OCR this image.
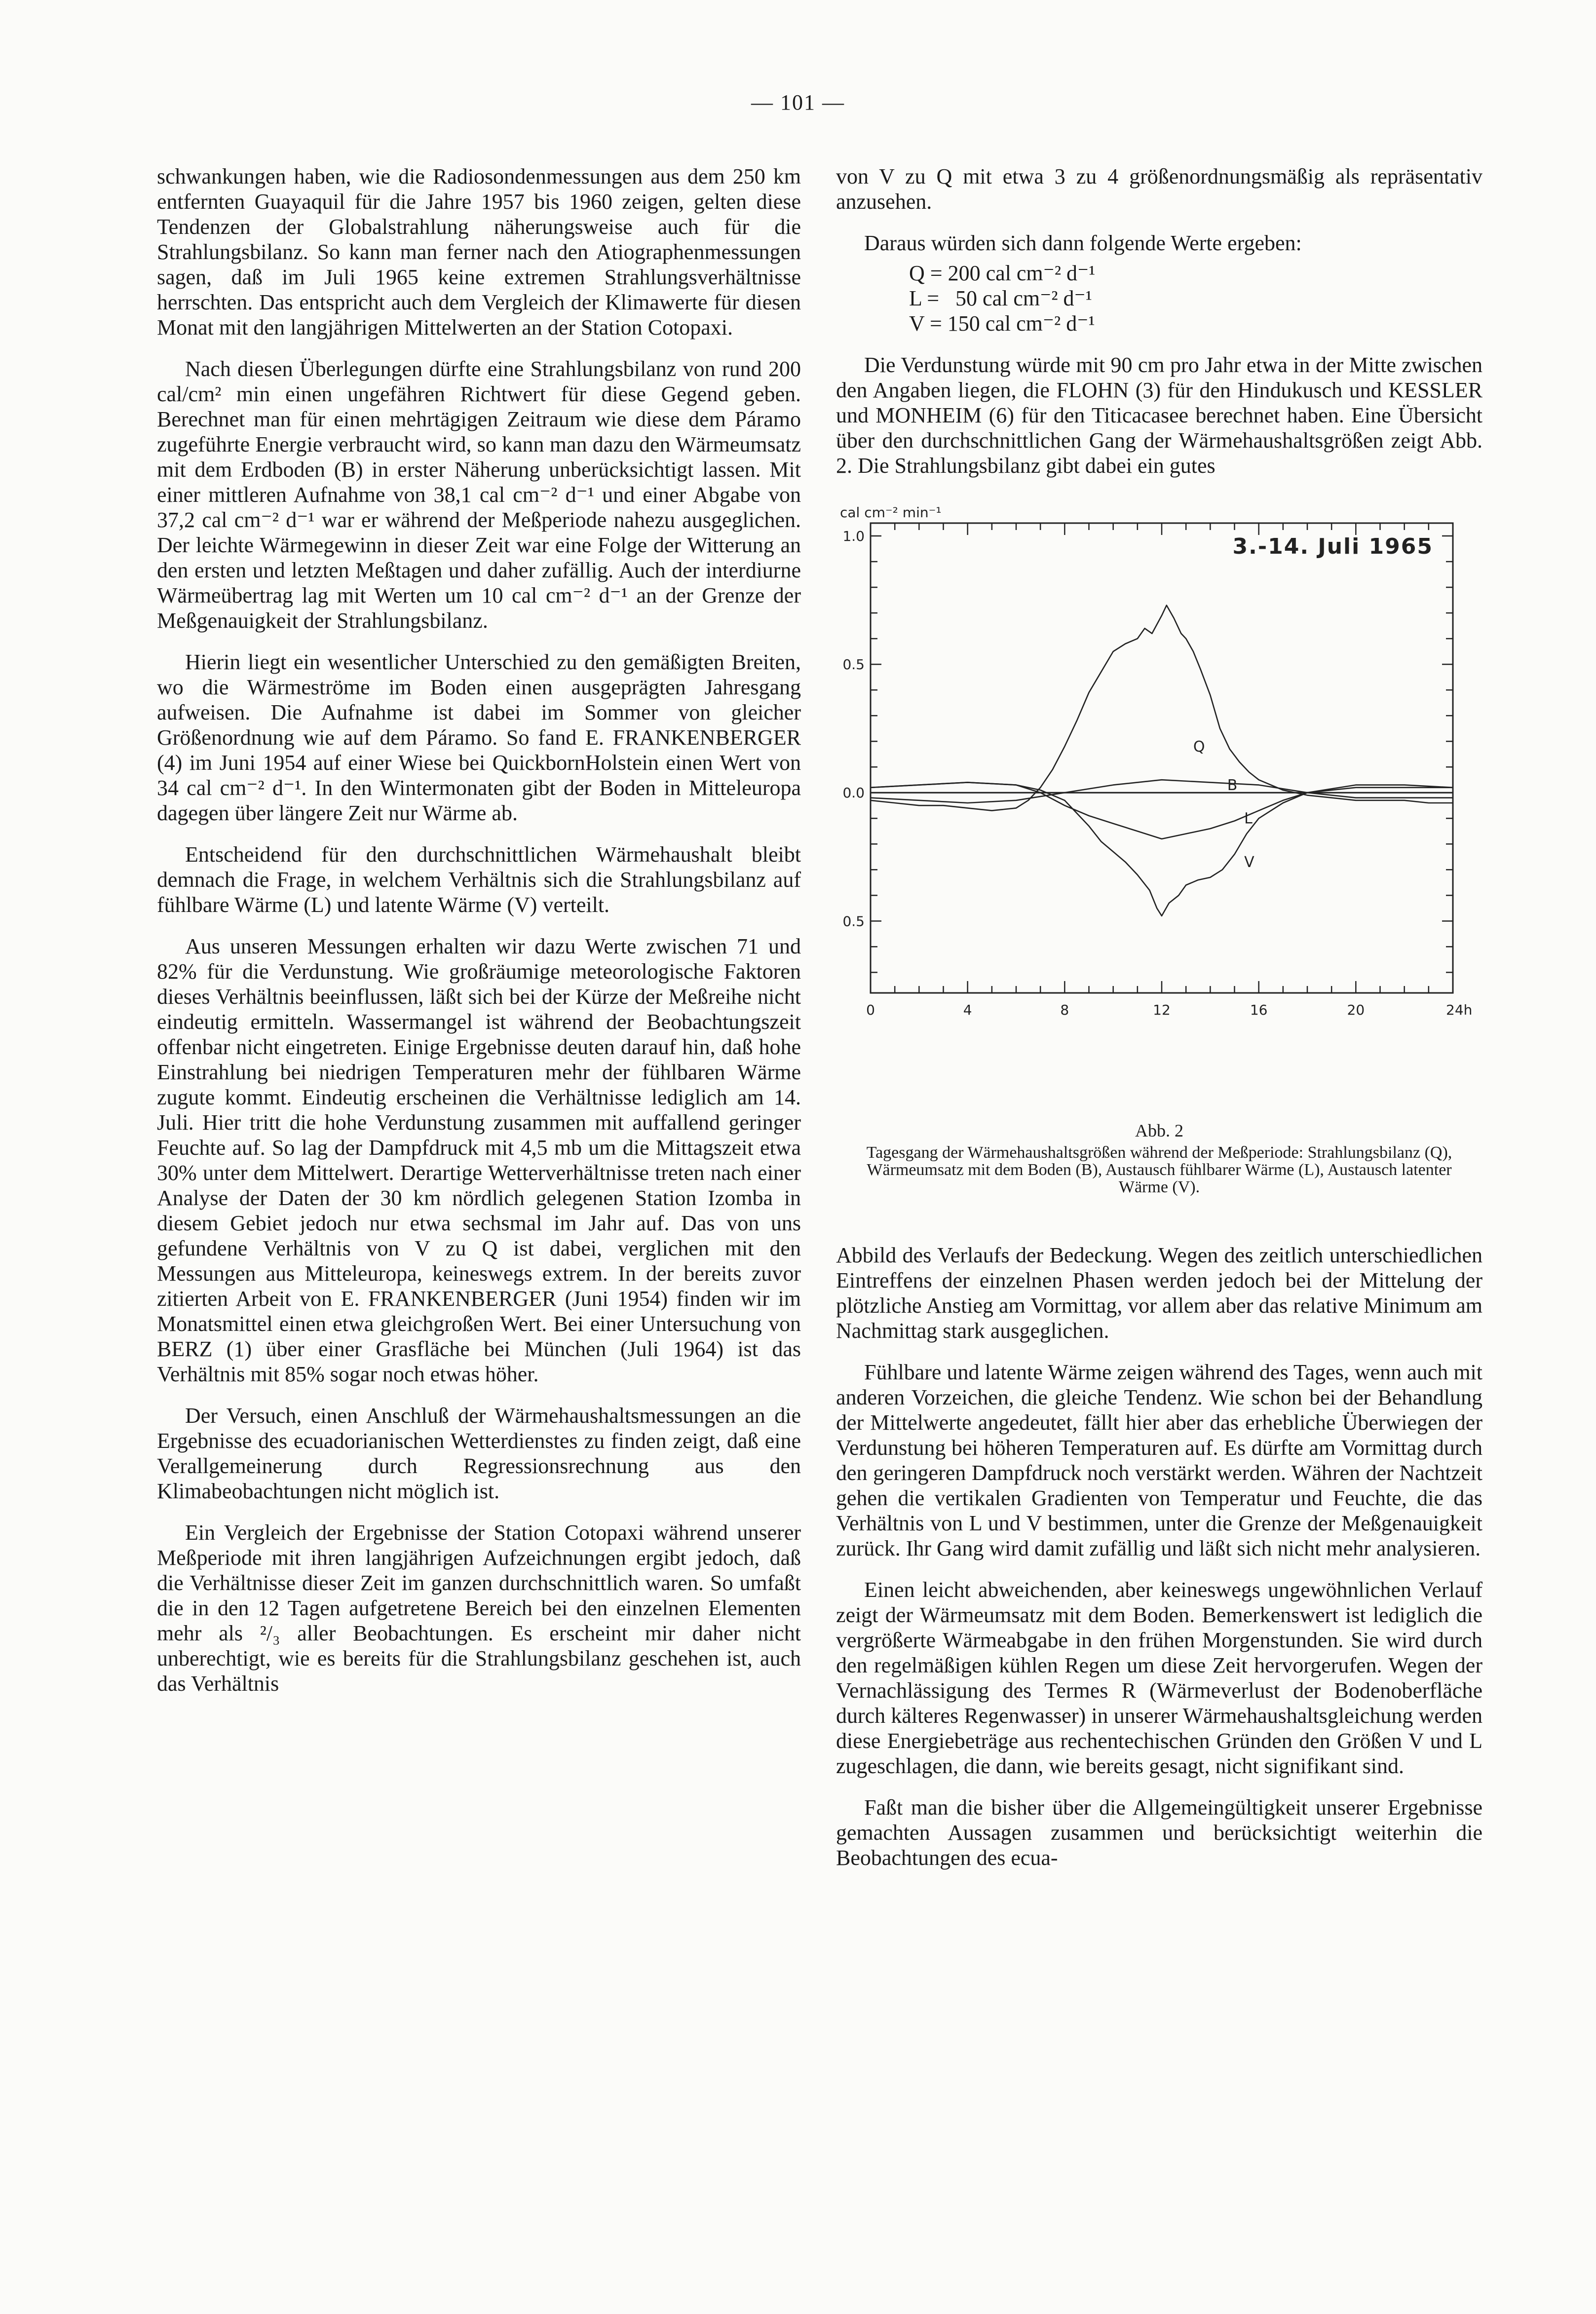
— 101 —

schwankungen haben, wie die Radiosondenmessungen aus dem 250 km entfernten Guayaquil für die Jahre 1957 bis 1960 zeigen, gelten diese Tendenzen der Globalstrahlung näherungsweise auch für die Strahlungsbilanz. So kann man ferner nach den Atiographenmessungen sagen, daß im Juli 1965 keine extremen Strahlungsverhältnisse herrschten. Das entspricht auch dem Vergleich der Klimawerte für diesen Monat mit den langjährigen Mittelwerten an der Station Cotopaxi.

Nach diesen Überlegungen dürfte eine Strahlungsbilanz von rund 200 cal/cm² min einen ungefähren Richtwert für diese Gegend geben. Berechnet man für einen mehrtägigen Zeitraum wie diese dem Páramo zugeführte Energie verbraucht wird, so kann man dazu den Wärmeumsatz mit dem Erdboden (B) in erster Näherung unberücksichtigt lassen. Mit einer mittleren Aufnahme von 38,1 cal cm⁻² d⁻¹ und einer Abgabe von 37,2 cal cm⁻² d⁻¹ war er während der Meßperiode nahezu ausgeglichen. Der leichte Wärmegewinn in dieser Zeit war eine Folge der Witterung an den ersten und letzten Meßtagen und daher zufällig. Auch der interdiurne Wärmeübertrag lag mit Werten um 10 cal cm⁻² d⁻¹ an der Grenze der Meßgenauigkeit der Strahlungsbilanz.

Hierin liegt ein wesentlicher Unterschied zu den gemäßigten Breiten, wo die Wärmeströme im Boden einen ausgeprägten Jahresgang aufweisen. Die Aufnahme ist dabei im Sommer von gleicher Größenordnung wie auf dem Páramo. So fand E. FRANKENBERGER (4) im Juni 1954 auf einer Wiese bei QuickbornHolstein einen Wert von 34 cal cm⁻² d⁻¹. In den Wintermonaten gibt der Boden in Mitteleuropa dagegen über längere Zeit nur Wärme ab.

Entscheidend für den durchschnittlichen Wärmehaushalt bleibt demnach die Frage, in welchem Verhältnis sich die Strahlungsbilanz auf fühlbare Wärme (L) und latente Wärme (V) verteilt.

Aus unseren Messungen erhalten wir dazu Werte zwischen 71 und 82% für die Verdunstung. Wie großräumige meteorologische Faktoren dieses Verhältnis beeinflussen, läßt sich bei der Kürze der Meßreihe nicht eindeutig ermitteln. Wassermangel ist während der Beobachtungszeit offenbar nicht eingetreten. Einige Ergebnisse deuten darauf hin, daß hohe Einstrahlung bei niedrigen Temperaturen mehr der fühlbaren Wärme zugute kommt. Eindeutig erscheinen die Verhältnisse lediglich am 14. Juli. Hier tritt die hohe Verdunstung zusammen mit auffallend geringer Feuchte auf. So lag der Dampfdruck mit 4,5 mb um die Mittagszeit etwa 30% unter dem Mittelwert. Derartige Wetterverhältnisse treten nach einer Analyse der Daten der 30 km nördlich gelegenen Station Izomba in diesem Gebiet jedoch nur etwa sechsmal im Jahr auf. Das von uns gefundene Verhältnis von V zu Q ist dabei, verglichen mit den Messungen aus Mitteleuropa, keineswegs extrem. In der bereits zuvor zitierten Arbeit von E. FRANKENBERGER (Juni 1954) finden wir im Monatsmittel einen etwa gleichgroßen Wert. Bei einer Untersuchung von BERZ (1) über einer Grasfläche bei München (Juli 1964) ist das Verhältnis mit 85% sogar noch etwas höher.

Der Versuch, einen Anschluß der Wärmehaushaltsmessungen an die Ergebnisse des ecuadorianischen Wetterdienstes zu finden zeigt, daß eine Verallgemeinerung durch Regressionsrechnung aus den Klimabeobachtungen nicht möglich ist.

Ein Vergleich der Ergebnisse der Station Cotopaxi während unserer Meßperiode mit ihren langjährigen Aufzeichnungen ergibt jedoch, daß die Verhältnisse dieser Zeit im ganzen durchschnittlich waren. So umfaßt die in den 12 Tagen aufgetretene Bereich bei den einzelnen Elementen mehr als ²/₃ aller Beobachtungen. Es erscheint mir daher nicht unberechtigt, wie es bereits für die Strahlungsbilanz geschehen ist, auch das Verhältnis

von V zu Q mit etwa 3 zu 4 größenordnungsmäßig als repräsentativ anzusehen.

Daraus würden sich dann folgende Werte ergeben:

Q = 200 cal cm⁻² d⁻¹
L =   50 cal cm⁻² d⁻¹
V = 150 cal cm⁻² d⁻¹

Die Verdunstung würde mit 90 cm pro Jahr etwa in der Mitte zwischen den Angaben liegen, die FLOHN (3) für den Hindukusch und KESSLER und MONHEIM (6) für den Titicacasee berechnet haben. Eine Übersicht über den durchschnittlichen Gang der Wärmehaushaltsgrößen zeigt Abb. 2. Die Strahlungsbilanz gibt dabei ein gutes

1.0
0.5
0.0
0.5
cal cm⁻² min⁻¹
0	4	8	12	16	20	24h
3.-14. Juli 1965
Q
B
L
V
Abb. 2
Tagesgang der Wärmehaushaltsgrößen während der Meßperiode: Strahlungsbilanz (Q), Wärmeumsatz mit dem Boden (B), Austausch fühlbarer Wärme (L), Austausch latenter Wärme (V).

Abbild des Verlaufs der Bedeckung. Wegen des zeitlich unterschiedlichen Eintreffens der einzelnen Phasen werden jedoch bei der Mittelung der plötzliche Anstieg am Vormittag, vor allem aber das relative Minimum am Nachmittag stark ausgeglichen.

Fühlbare und latente Wärme zeigen während des Tages, wenn auch mit anderen Vorzeichen, die gleiche Tendenz. Wie schon bei der Behandlung der Mittelwerte angedeutet, fällt hier aber das erhebliche Überwiegen der Verdunstung bei höheren Temperaturen auf. Es dürfte am Vormittag durch den geringeren Dampfdruck noch verstärkt werden. Währen der Nachtzeit gehen die vertikalen Gradienten von Temperatur und Feuchte, die das Verhältnis von L und V bestimmen, unter die Grenze der Meßgenauigkeit zurück. Ihr Gang wird damit zufällig und läßt sich nicht mehr analysieren.

Einen leicht abweichenden, aber keineswegs ungewöhnlichen Verlauf zeigt der Wärmeumsatz mit dem Boden. Bemerkenswert ist lediglich die vergrößerte Wärmeabgabe in den frühen Morgenstunden. Sie wird durch den regelmäßigen kühlen Regen um diese Zeit hervorgerufen. Wegen der Vernachlässigung des Termes R (Wärmeverlust der Bodenoberfläche durch kälteres Regenwasser) in unserer Wärmehaushaltsgleichung werden diese Energiebeträge aus rechentechischen Gründen den Größen V und L zugeschlagen, die dann, wie bereits gesagt, nicht signifikant sind.

Faßt man die bisher über die Allgemeingültigkeit unserer Ergebnisse gemachten Aussagen zusammen und berücksichtigt weiterhin die Beobachtungen des ecua-
